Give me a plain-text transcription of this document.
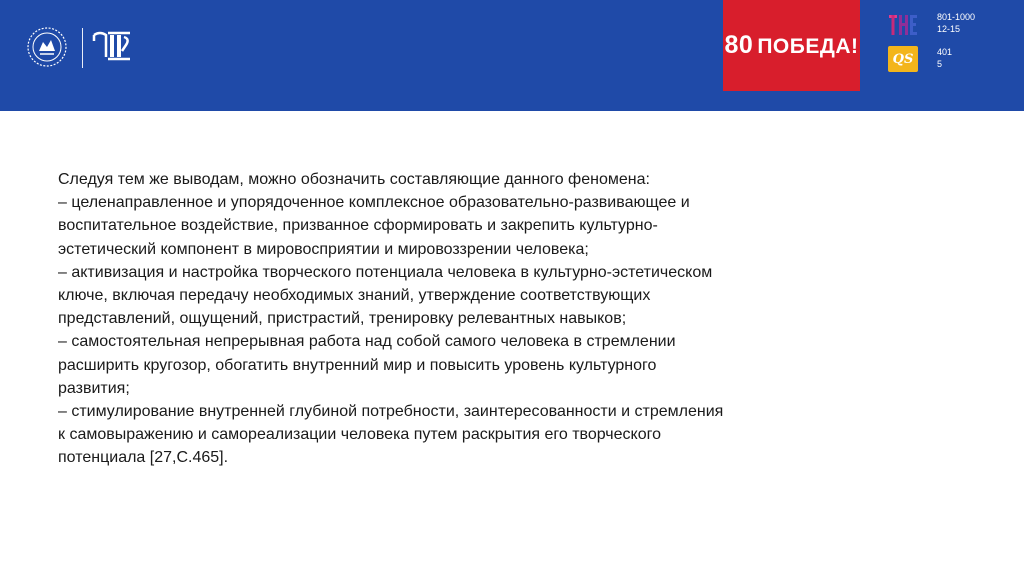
80 ПОБЕДА!
801-1000
12-15
QS	401
5

Следуя тем же выводам, можно обозначить составляющие данного феномена:

– целенаправленное и упорядоченное комплексное образовательно-развивающее и

воспитательное воздействие, призванное сформировать и закрепить культурно-

эстетический компонент в мировосприятии и мировоззрении человека;

– активизация и настройка творческого потенциала человека в культурно-эстетическом

ключе, включая передачу необходимых знаний, утверждение соответствующих

представлений, ощущений, пристрастий, тренировку релевантных навыков;

– самостоятельная непрерывная работа над собой самого человека в стремлении

расширить кругозор, обогатить внутренний мир и повысить уровень культурного

развития;

– стимулирование внутренней глубиной потребности, заинтересованности и стремления

к самовыражению и самореализации человека путем раскрытия его творческого

потенциала [27,С.465].
